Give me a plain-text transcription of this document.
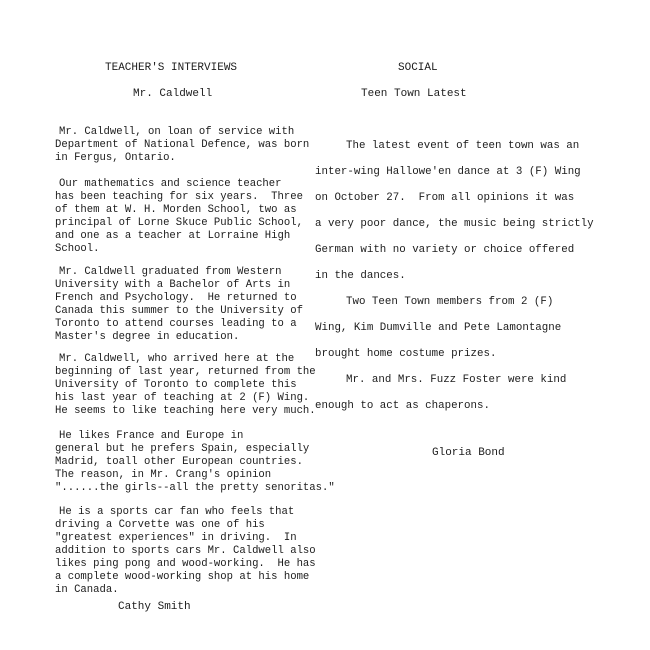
TEACHER'S INTERVIEWS
Mr. Caldwell
Mr. Caldwell, on loan of service with
Department of National Defence, was born
in Fergus, Ontario.
Our mathematics and science teacher
has been teaching for six years.  Three
of them at W. H. Morden School, two as
principal of Lorne Skuce Public School,
and one as a teacher at Lorraine High
School.
Mr. Caldwell graduated from Western
University with a Bachelor of Arts in
French and Psychology.  He returned to
Canada this summer to the University of
Toronto to attend courses leading to a
Master's degree in education.
Mr. Caldwell, who arrived here at the
beginning of last year, returned from the
University of Toronto to complete this
his last year of teaching at 2 (F) Wing.
He seems to like teaching here very much.
He likes France and Europe in
general but he prefers Spain, especially
Madrid, toall other European countries.
The reason, in Mr. Crang's opinion
"......the girls--all the pretty senoritas."
He is a sports car fan who feels that
driving a Corvette was one of his
"greatest experiences" in driving.  In
addition to sports cars Mr. Caldwell also
likes ping pong and wood-working.  He has
a complete wood-working shop at his home
in Canada.
Cathy Smith
SOCIAL
Teen Town Latest
The latest event of teen town was an
inter-wing Hallowe'en dance at 3 (F) Wing
on October 27.  From all opinions it was
a very poor dance, the music being strictly
German with no variety or choice offered
in the dances.
Two Teen Town members from 2 (F)
Wing, Kim Dumville and Pete Lamontagne
brought home costume prizes.
Mr. and Mrs. Fuzz Foster were kind
enough to act as chaperons.
Gloria Bond
